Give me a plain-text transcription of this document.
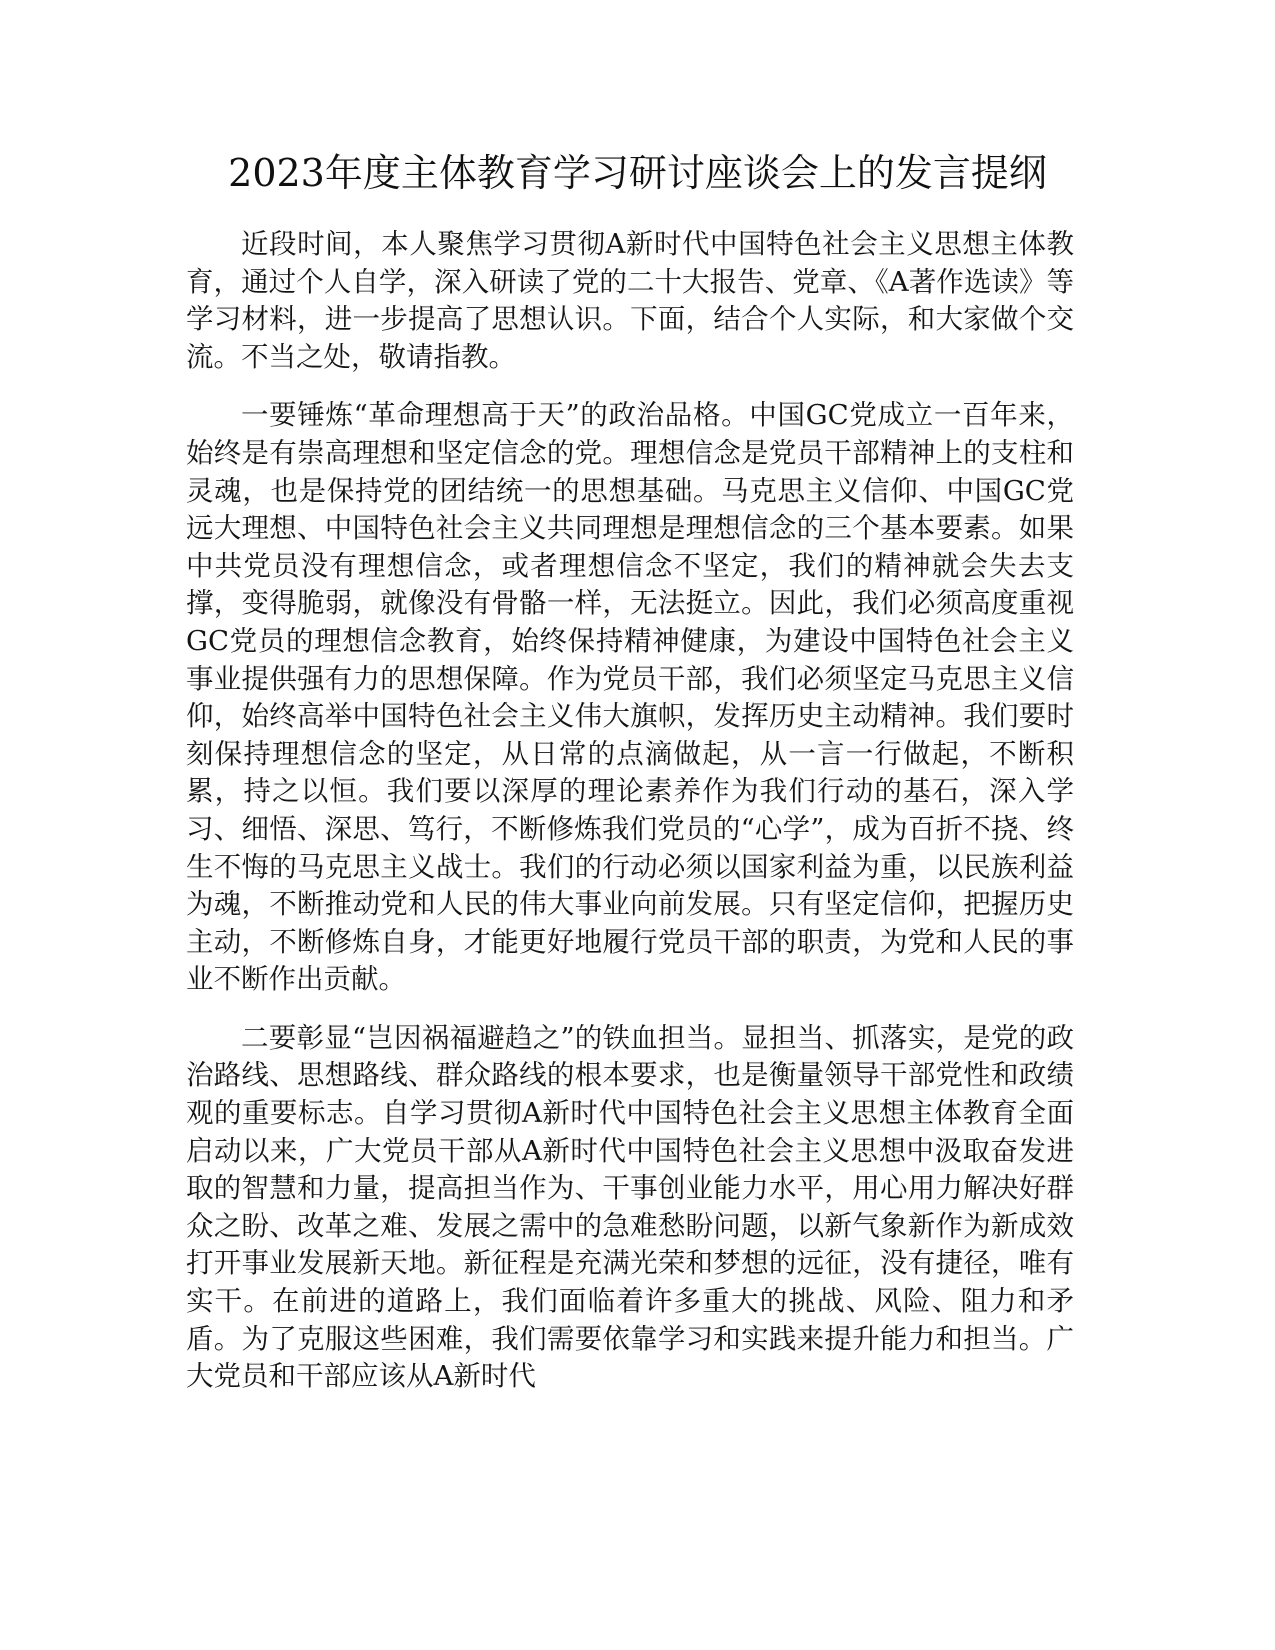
2023年度主体教育学习研讨座谈会上的发言提纲

近段时间，本人聚焦学习贯彻A新时代中国特色社会主义思想主体教育，通过个人自学，深入研读了党的二十大报告、党章、《A著作选读》等学习材料，进一步提高了思想认识。下面，结合个人实际，和大家做个交流。不当之处，敬请指教。

一要锤炼“革命理想高于天”的政治品格。中国GC党成立一百年来，始终是有崇高理想和坚定信念的党。理想信念是党员干部精神上的支柱和灵魂，也是保持党的团结统一的思想基础。马克思主义信仰、中国GC党远大理想、中国特色社会主义共同理想是理想信念的三个基本要素。如果中共党员没有理想信念，或者理想信念不坚定，我们的精神就会失去支撑，变得脆弱，就像没有骨骼一样，无法挺立。因此，我们必须高度重视GC党员的理想信念教育，始终保持精神健康，为建设中国特色社会主义事业提供强有力的思想保障。作为党员干部，我们必须坚定马克思主义信仰，始终高举中国特色社会主义伟大旗帜，发挥历史主动精神。我们要时刻保持理想信念的坚定，从日常的点滴做起，从一言一行做起，不断积累，持之以恒。我们要以深厚的理论素养作为我们行动的基石，深入学习、细悟、深思、笃行，不断修炼我们党员的“心学”，成为百折不挠、终生不悔的马克思主义战士。我们的行动必须以国家利益为重，以民族利益为魂，不断推动党和人民的伟大事业向前发展。只有坚定信仰，把握历史主动，不断修炼自身，才能更好地履行党员干部的职责，为党和人民的事业不断作出贡献。

二要彰显“岂因祸福避趋之”的铁血担当。显担当、抓落实，是党的政治路线、思想路线、群众路线的根本要求，也是衡量领导干部党性和政绩观的重要标志。自学习贯彻A新时代中国特色社会主义思想主体教育全面启动以来，广大党员干部从A新时代中国特色社会主义思想中汲取奋发进取的智慧和力量，提高担当作为、干事创业能力水平，用心用力解决好群众之盼、改革之难、发展之需中的急难愁盼问题，以新气象新作为新成效打开事业发展新天地。新征程是充满光荣和梦想的远征，没有捷径，唯有实干。在前进的道路上，我们面临着许多重大的挑战、风险、阻力和矛盾。为了克服这些困难，我们需要依靠学习和实践来提升能力和担当。广大党员和干部应该从A新时代
